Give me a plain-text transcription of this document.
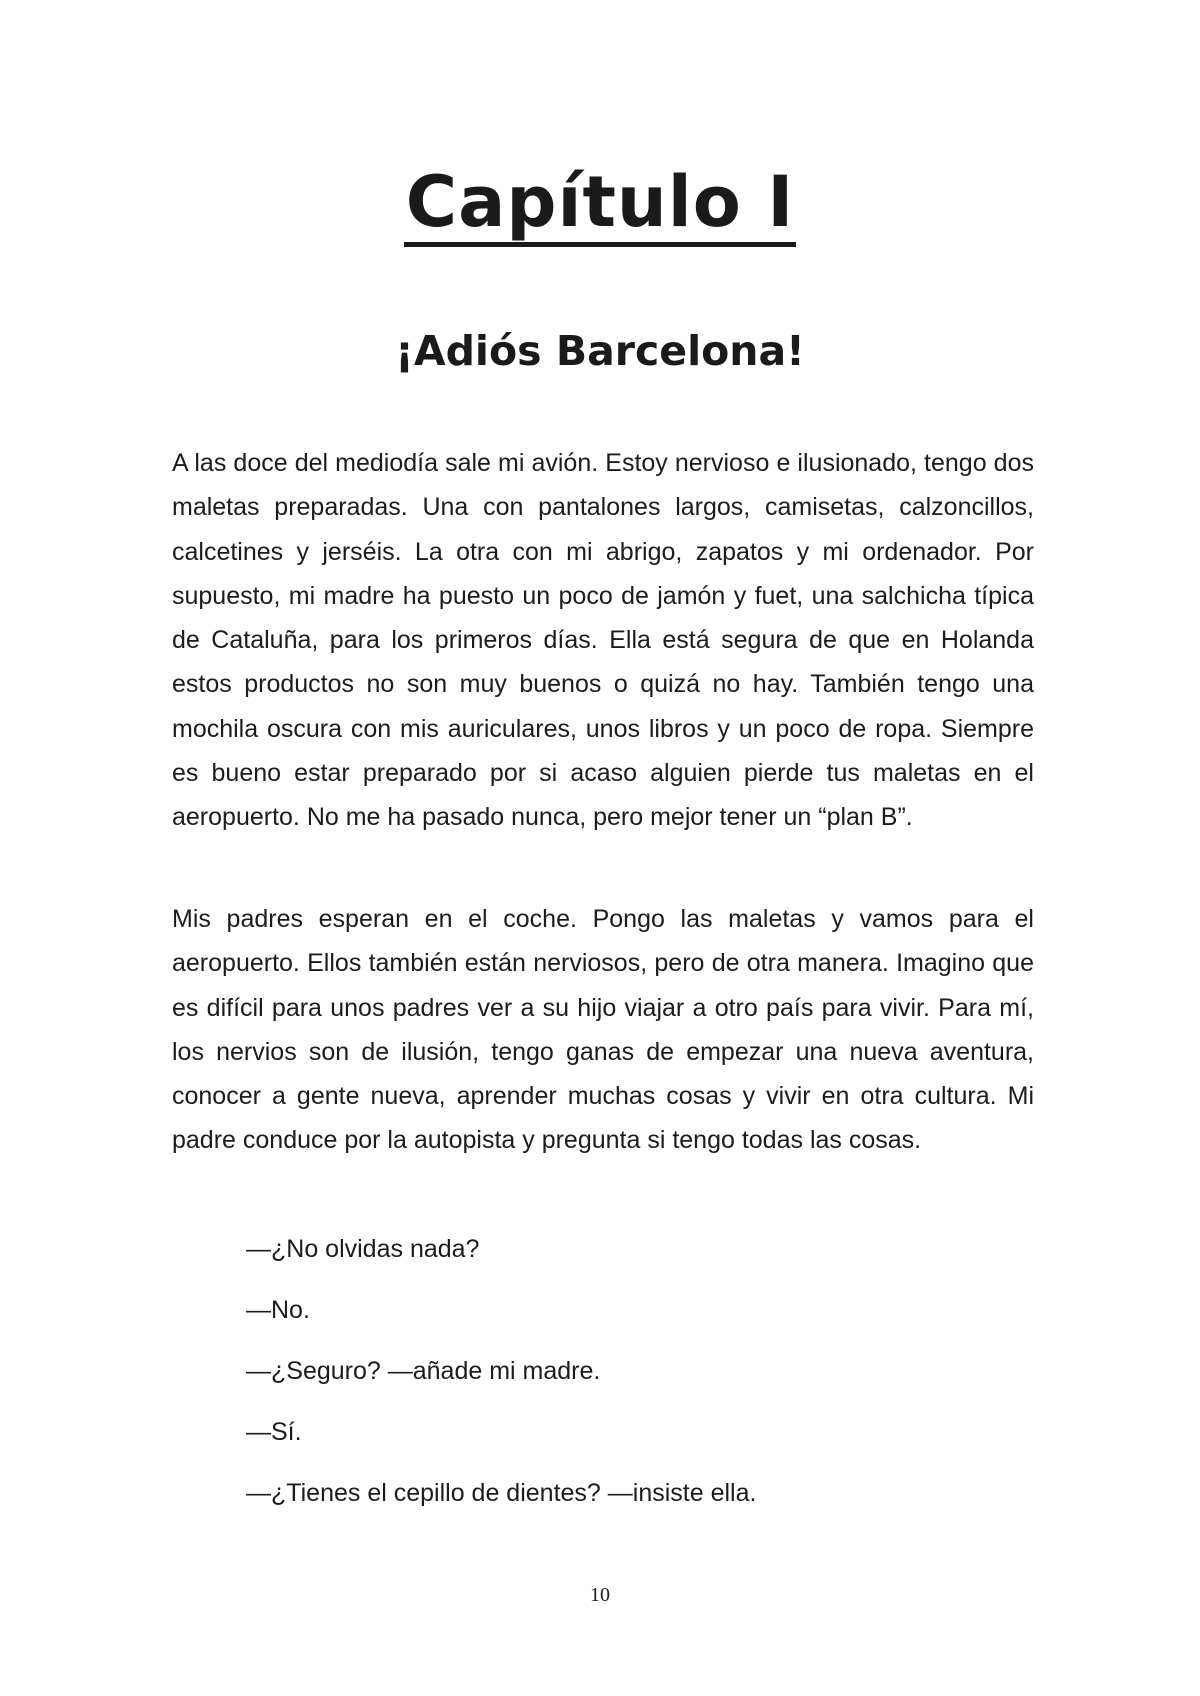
Capítulo I
¡Adiós Barcelona!

A las doce del mediodía sale mi avión. Estoy nervioso e ilusionado, tengo dos maletas preparadas. Una con pantalones largos, camisetas, calzoncillos, calcetines y jerséis. La otra con mi abrigo, zapatos y mi ordenador. Por supuesto, mi madre ha puesto un poco de jamón y fuet, una salchicha típica de Cataluña, para los primeros días. Ella está segura de que en Holanda estos productos no son muy buenos o quizá no hay. También tengo una mochila oscura con mis auriculares, unos libros y un poco de ropa. Siempre es bueno estar preparado por si acaso alguien pierde tus maletas en el aeropuerto. No me ha pasado nunca, pero mejor tener un “plan B”.

Mis padres esperan en el coche. Pongo las maletas y vamos para el aeropuerto. Ellos también están nerviosos, pero de otra manera. Imagino que es difícil para unos padres ver a su hijo viajar a otro país para vivir. Para mí, los nervios son de ilusión, tengo ganas de empezar una nueva aventura, conocer a gente nueva, aprender muchas cosas y vivir en otra cultura. Mi padre conduce por la autopista y pregunta si tengo todas las cosas.

—¿No olvidas nada?

—No.

—¿Seguro? —añade mi madre.

—Sí.

—¿Tienes el cepillo de dientes? —insiste ella.

10
